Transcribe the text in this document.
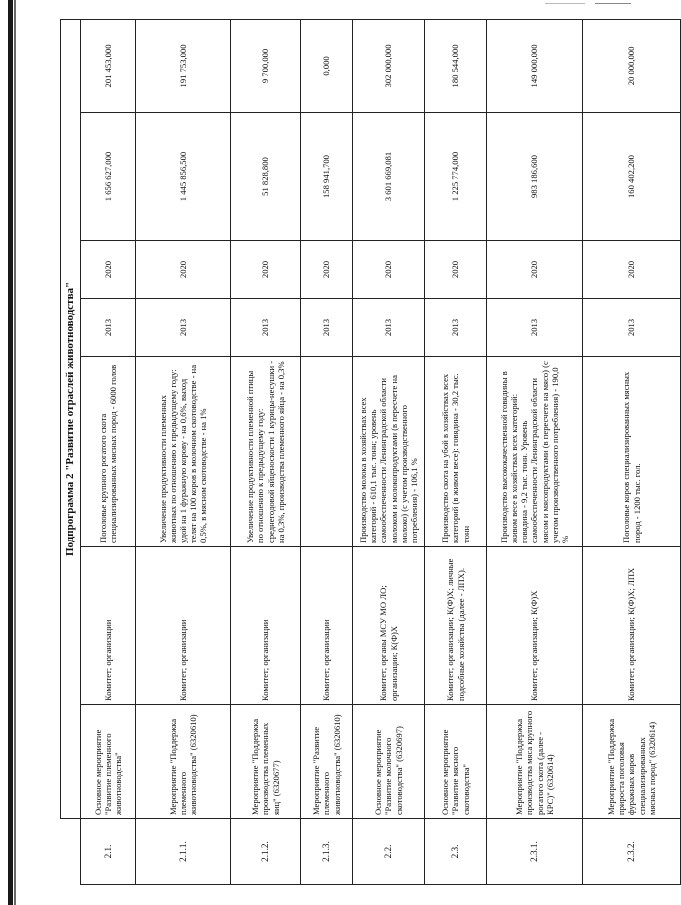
	Подпрограмма 2 "Развитие отраслей животноводства"						
2.1.	Основное мероприятие "Развитие племенного животноводства"	Комитет; организации	Поголовье крупного рогатого скота специализированных мясных пород - 6000 голов	2013	2020	1 656 627,000	201 453,000
2.1.1.	Мероприятие "Поддержка племенного животноводства" (6320610)	Комитет; организации	Увеличение продуктивности племенных животных по отношению к предыдущему году: удой на 1 фуражную корову - на 0,6%, выход телят на 100 коров в молочном скотоводстве - на 0,5%, в мясном скотоводстве - на 1%	2013	2020	1 445 856,500	191 753,000
2.1.2.	Мероприятие "Поддержка производства племенных яиц" (6320677)	Комитет; организации	Увеличение продуктивности племенной птицы по отношению к предыдущему году: среднегодовой яйценоскости 1 курицы-несушки - на 0,3%, производства племенного яйца - на 0,3%	2013	2020	51 828,800	9 700,000
2.1.3.	Мероприятие "Развитие племенного животноводства" (6320610)	Комитет; организации		2013	2020	158 941,700	0,000
2.2.	Основное мероприятие "Развитие молочного скотоводства" (6320697)	Комитет; органы МСУ МО ЛО; организации; К(Ф)Х	Производство молока в хозяйствах всех категорий - 610,1 тыс. тонн; уровень самообеспеченности Ленинградской области молоком и молокопродуктами (в пересчете на молоко) (с учетом производственного потребления) - 106,1 %	2013	2020	3 601 669,081	302 000,000
2.3.	Основное мероприятие "Развитие мясного скотоводства"	Комитет; организации; К(Ф)Х; личные подсобные хозяйства (далее - ЛПХ).	Производство скота на убой в хозяйствах всех категорий (в живом весе): говядина - 30,2 тыс. тонн	2013	2020	1 225 774,000	180 544,000
2.3.1.	Мероприятие "Поддержка производства мяса крупного рогатого скота (далее - КРС)" (6320614)	Комитет; организации; К(Ф)Х	Производство высококачественной говядины в живом весе в хозяйствах всех категорий: говядина - 9,2 тыс. тонн. Уровень самообеспеченности Ленинградской области мясом и мясопродуктами (в пересчете на мясо) (с учетом производственного потребления) - 190,0 %	2013	2020	983 186,600	149 000,000
2.3.2.	Мероприятие "Поддержка прироста поголовья фуражных коров специализированных мясных пород" (6320614)	Комитет; организации; К(Ф)Х; ЛПХ	Поголовье коров специализированных мясных пород - 1200 тыс. гол.	2013	2020	160 402,200	20 000,000
